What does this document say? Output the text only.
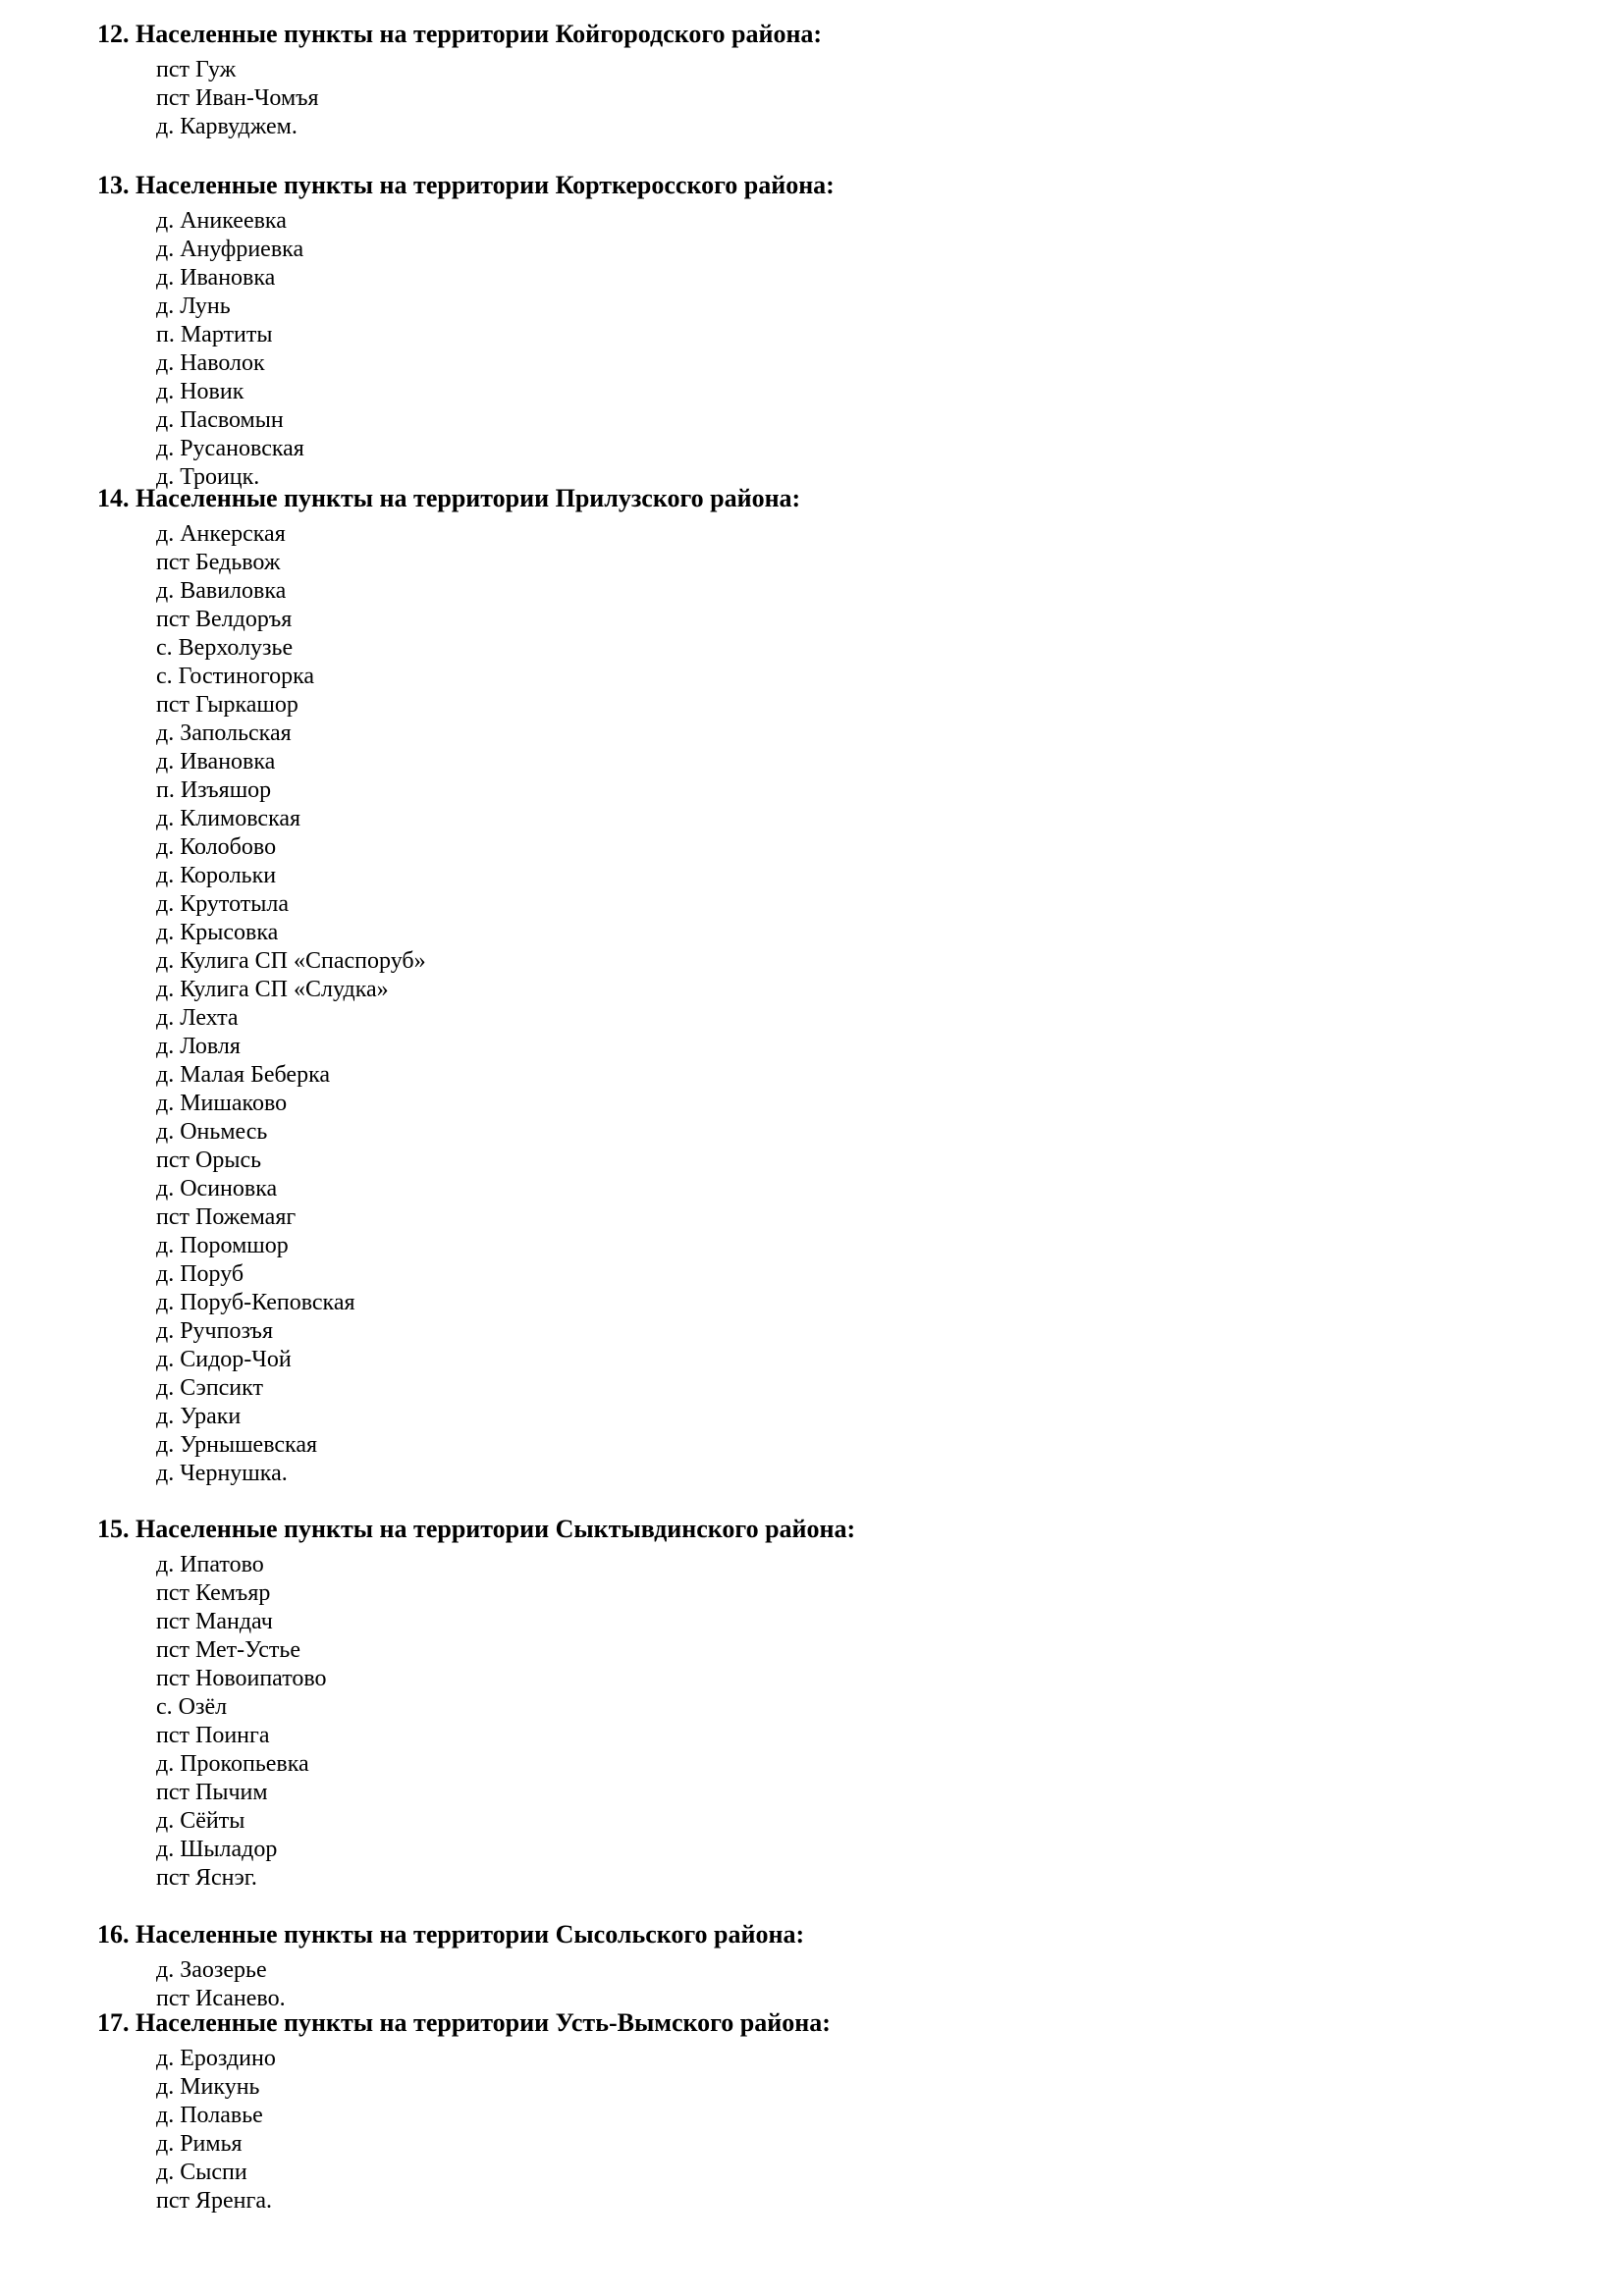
12. Населенные пункты на территории Койгородского района:
пст Гуж
пст Иван-Чомъя
д. Карвуджем.
13. Населенные пункты на территории Корткеросского района:
д. Аникеевка
д. Ануфриевка
д. Ивановка
д. Лунь
п. Мартиты
д. Наволок
д. Новик
д. Пасвомын
д. Русановская
д. Троицк.
14. Населенные пункты на территории Прилузского района:
д. Анкерская
пст Бедьвож
д. Вавиловка
пст Велдоръя
с. Верхолузье
с. Гостиногорка
пст Гыркашор
д. Запольская
д. Ивановка
п. Изъяшор
д. Климовская
д. Колобово
д. Корольки
д. Крутотыла
д. Крысовка
д. Кулига СП «Спаспоруб»
д. Кулига СП «Слудка»
д. Лехта
д. Ловля
д. Малая Беберка
д. Мишаково
д. Оньмесь
пст Орысь
д. Осиновка
пст Пожемаяг
д. Поромшор
д. Поруб
д. Поруб-Кеповская
д. Ручпозъя
д. Сидор-Чой
д. Сэпсикт
д. Ураки
д. Урнышевская
д. Чернушка.
15. Населенные пункты на территории Сыктывдинского района:
д. Ипатово
пст Кемъяр
пст Мандач
пст Мет-Устье
пст Новоипатово
с. Озёл
пст Поинга
д. Прокопьевка
пст Пычим
д. Сёйты
д. Шыладор
пст Яснэг.
16. Населенные пункты на территории Сысольского района:
д. Заозерье
пст Исанево.
17. Населенные пункты на территории Усть-Вымского района:
д. Ероздино
д. Микунь
д. Полавье
д. Римья
д. Сыспи
пст Яренга.
